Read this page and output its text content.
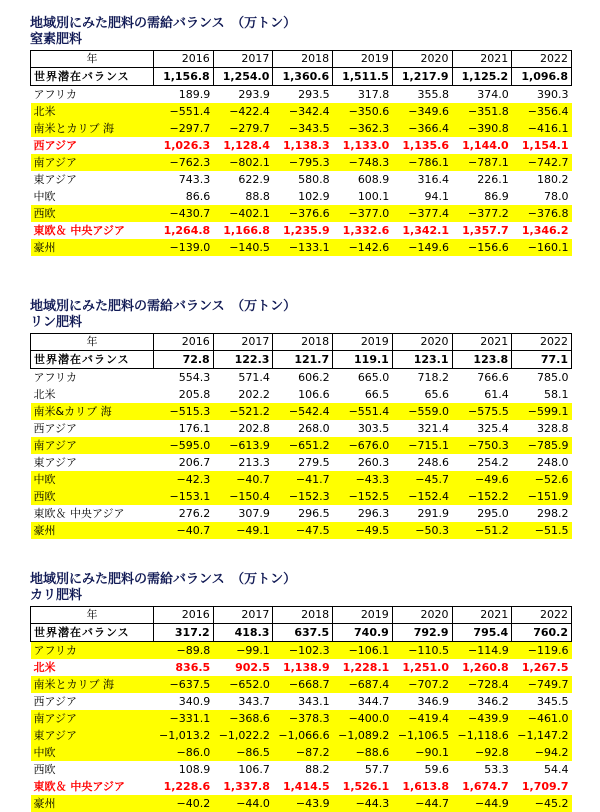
地域別にみた肥料の需給バランス　（万トン）
窒素肥料
年	2016	2017	2018	2019	2020	2021	2022
世界潜在バランス	1,156.8	1,254.0	1,360.6	1,511.5	1,217.9	1,125.2	1,096.8
アフリカ	189.9	293.9	293.5	317.8	355.8	374.0	390.3
北米	−551.4	−422.4	−342.4	−350.6	−349.6	−351.8	−356.4
南米とカリブ 海	−297.7	−279.7	−343.5	−362.3	−366.4	−390.8	−416.1
西アジア	1,026.3	1,128.4	1,138.3	1,133.0	1,135.6	1,144.0	1,154.1
南アジア	−762.3	−802.1	−795.3	−748.3	−786.1	−787.1	−742.7
東アジア	743.3	622.9	580.8	608.9	316.4	226.1	180.2
中欧	86.6	88.8	102.9	100.1	94.1	86.9	78.0
西欧	−430.7	−402.1	−376.6	−377.0	−377.4	−377.2	−376.8
東欧＆ 中央アジア	1,264.8	1,166.8	1,235.9	1,332.6	1,342.1	1,357.7	1,346.2
豪州	−139.0	−140.5	−133.1	−142.6	−149.6	−156.6	−160.1
地域別にみた肥料の需給バランス　（万トン）
リン肥料
年	2016	2017	2018	2019	2020	2021	2022
世界潜在バランス	72.8	122.3	121.7	119.1	123.1	123.8	77.1
アフリカ	554.3	571.4	606.2	665.0	718.2	766.6	785.0
北米	205.8	202.2	106.6	66.5	65.6	61.4	58.1
南米&カリブ 海	−515.3	−521.2	−542.4	−551.4	−559.0	−575.5	−599.1
西アジア	176.1	202.8	268.0	303.5	321.4	325.4	328.8
南アジア	−595.0	−613.9	−651.2	−676.0	−715.1	−750.3	−785.9
東アジア	206.7	213.3	279.5	260.3	248.6	254.2	248.0
中欧	−42.3	−40.7	−41.7	−43.3	−45.7	−49.6	−52.6
西欧	−153.1	−150.4	−152.3	−152.5	−152.4	−152.2	−151.9
東欧＆ 中央アジア	276.2	307.9	296.5	296.3	291.9	295.0	298.2
豪州	−40.7	−49.1	−47.5	−49.5	−50.3	−51.2	−51.5
地域別にみた肥料の需給バランス　（万トン）
カリ肥料
年	2016	2017	2018	2019	2020	2021	2022
世界潜在バランス	317.2	418.3	637.5	740.9	792.9	795.4	760.2
アフリカ	−89.8	−99.1	−102.3	−106.1	−110.5	−114.9	−119.6
北米	836.5	902.5	1,138.9	1,228.1	1,251.0	1,260.8	1,267.5
南米とカリブ 海	−637.5	−652.0	−668.7	−687.4	−707.2	−728.4	−749.7
西アジア	340.9	343.7	343.1	344.7	346.9	346.2	345.5
南アジア	−331.1	−368.6	−378.3	−400.0	−419.4	−439.9	−461.0
東アジア	−1,013.2	−1,022.2	−1,066.6	−1,089.2	−1,106.5	−1,118.6	−1,147.2
中欧	−86.0	−86.5	−87.2	−88.6	−90.1	−92.8	−94.2
西欧	108.9	106.7	88.2	57.7	59.6	53.3	54.4
東欧＆ 中央アジア	1,228.6	1,337.8	1,414.5	1,526.1	1,613.8	1,674.7	1,709.7
豪州	−40.2	−44.0	−43.9	−44.3	−44.7	−44.9	−45.2
